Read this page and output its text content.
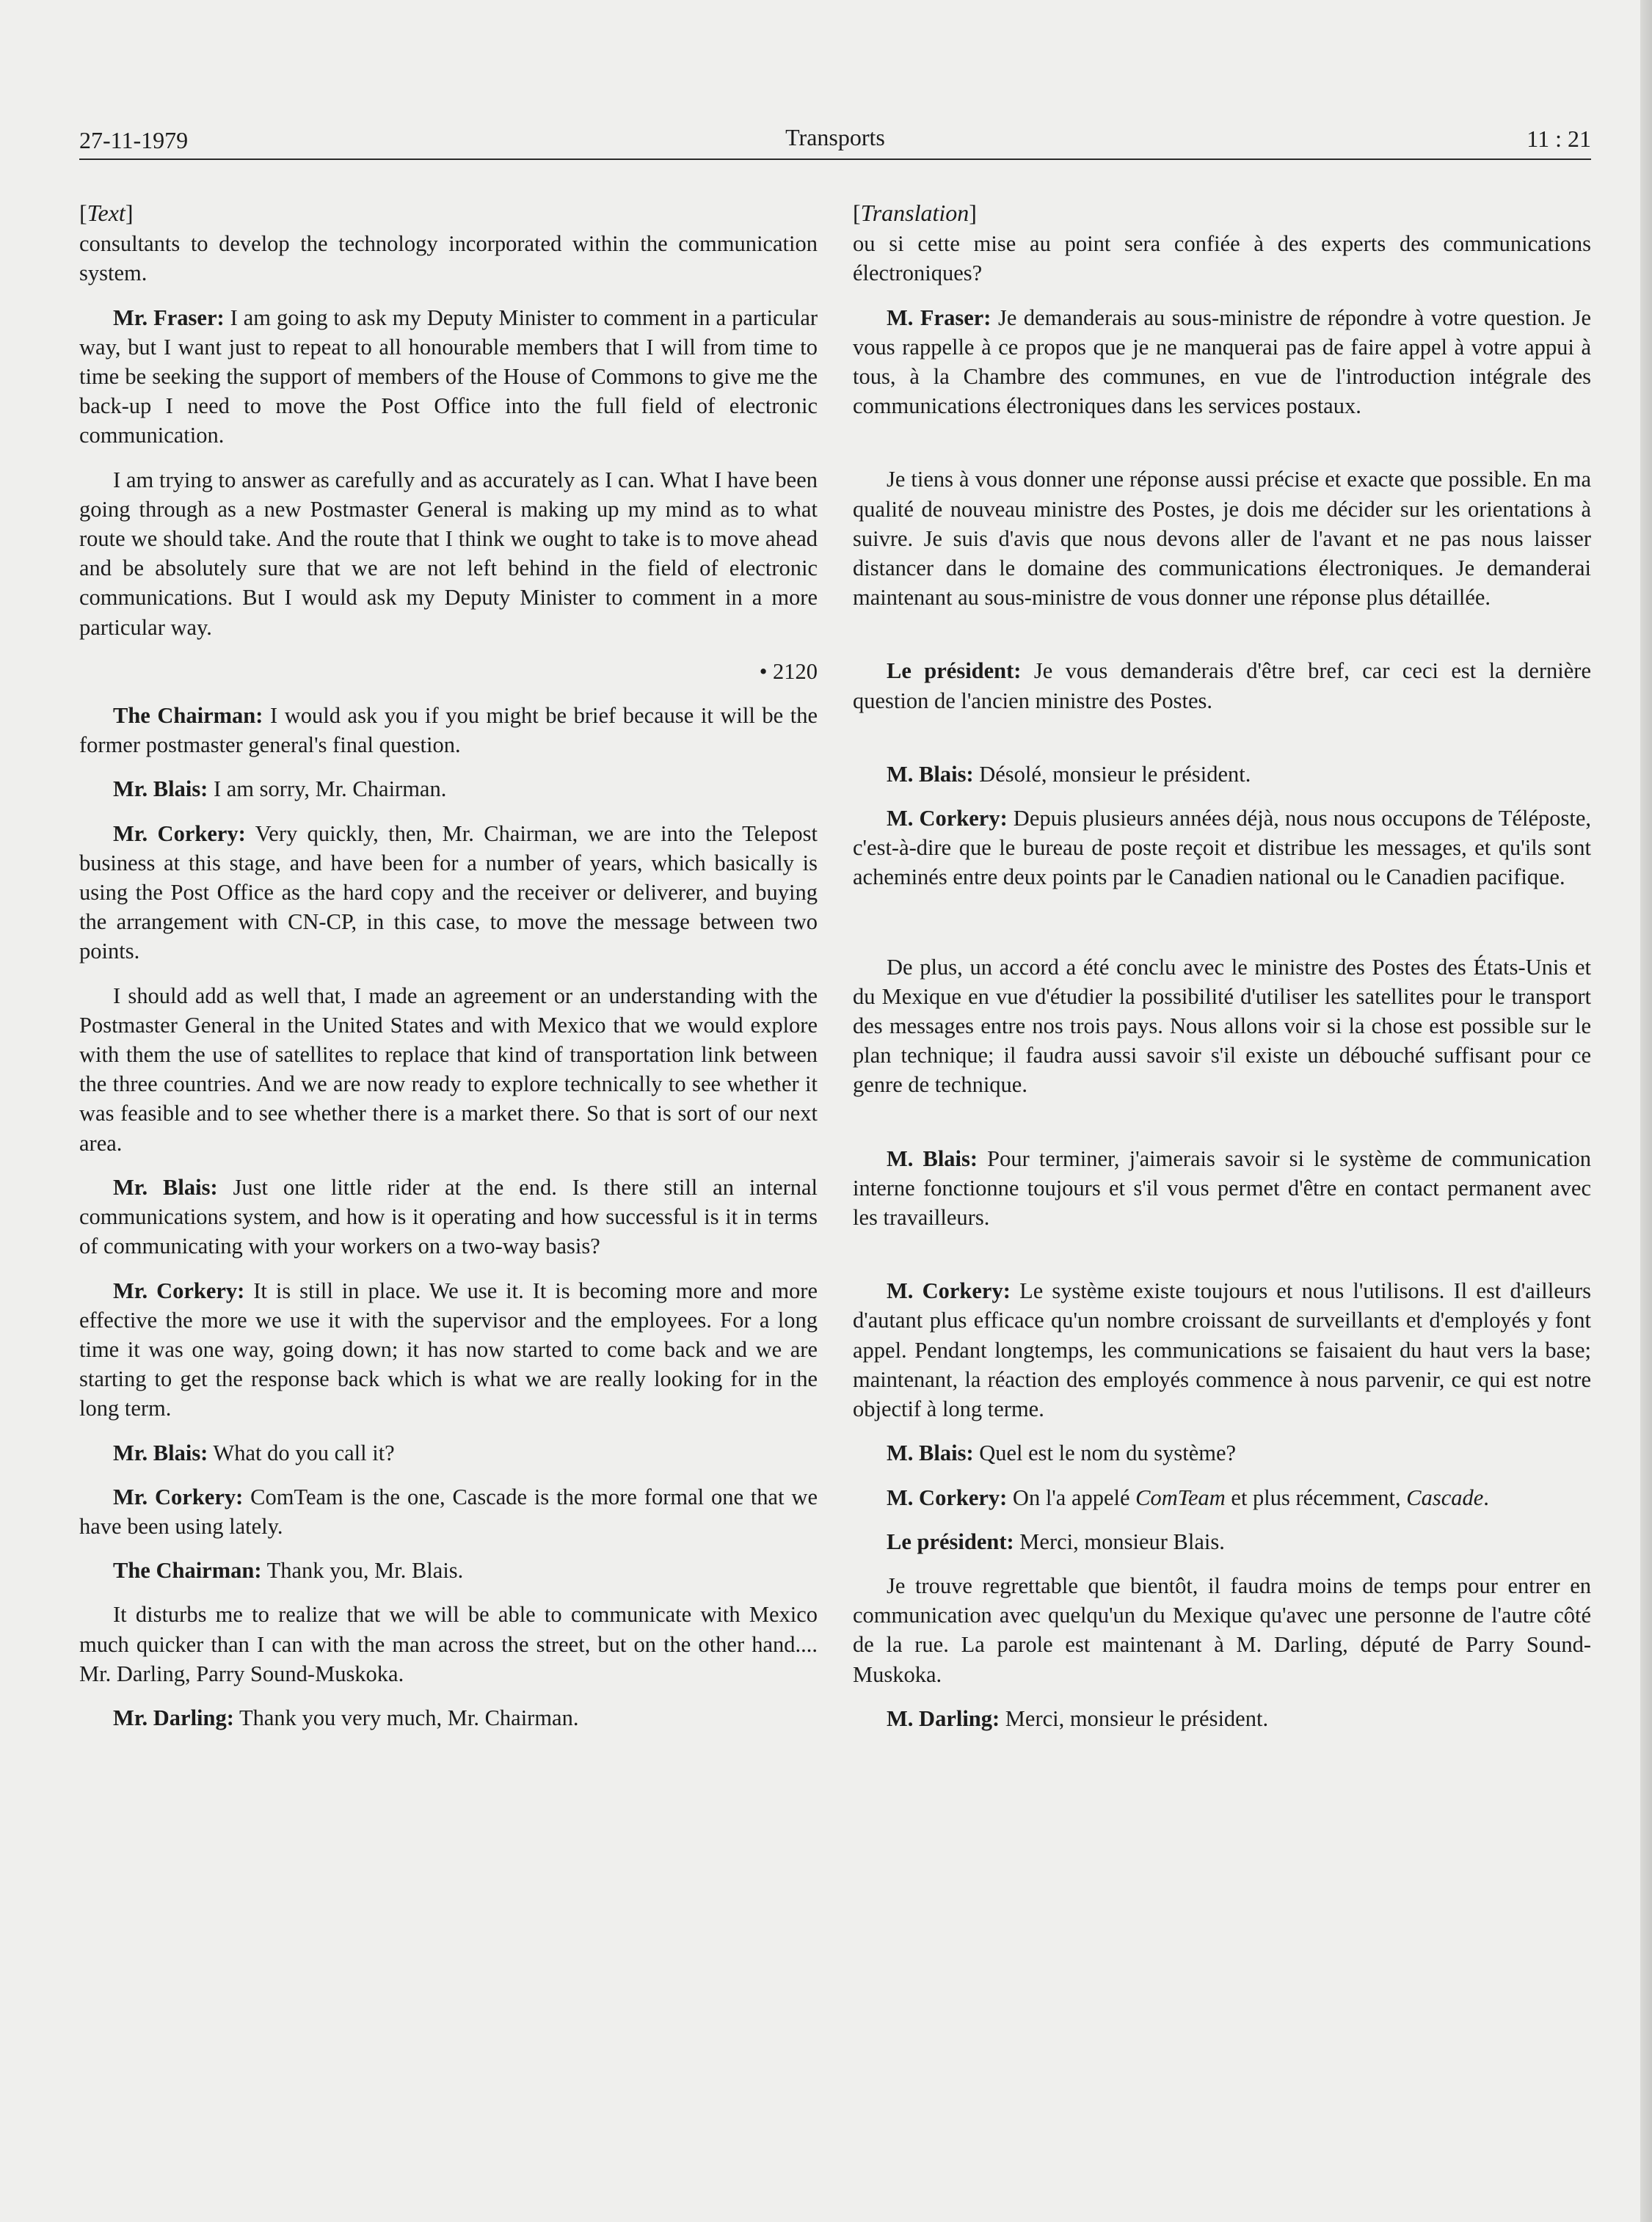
27-11-1979	Transports	11 : 21

[Text]

consultants to develop the technology incorporated within the communication system.

Mr. Fraser: I am going to ask my Deputy Minister to comment in a particular way, but I want just to repeat to all honourable members that I will from time to time be seeking the support of members of the House of Commons to give me the back-up I need to move the Post Office into the full field of electronic communication.

I am trying to answer as carefully and as accurately as I can. What I have been going through as a new Postmaster General is making up my mind as to what route we should take. And the route that I think we ought to take is to move ahead and be absolutely sure that we are not left behind in the field of electronic communications. But I would ask my Deputy Minister to comment in a more particular way.

• 2120

The Chairman: I would ask you if you might be brief because it will be the former postmaster general's final question.

Mr. Blais: I am sorry, Mr. Chairman.

Mr. Corkery: Very quickly, then, Mr. Chairman, we are into the Telepost business at this stage, and have been for a number of years, which basically is using the Post Office as the hard copy and the receiver or deliverer, and buying the arrangement with CN-CP, in this case, to move the message between two points.

I should add as well that, I made an agreement or an understanding with the Postmaster General in the United States and with Mexico that we would explore with them the use of satellites to replace that kind of transportation link between the three countries. And we are now ready to explore technically to see whether it was feasible and to see whether there is a market there. So that is sort of our next area.

Mr. Blais: Just one little rider at the end. Is there still an internal communications system, and how is it operating and how successful is it in terms of communicating with your workers on a two-way basis?

Mr. Corkery: It is still in place. We use it. It is becoming more and more effective the more we use it with the supervisor and the employees. For a long time it was one way, going down; it has now started to come back and we are starting to get the response back which is what we are really looking for in the long term.

Mr. Blais: What do you call it?

Mr. Corkery: ComTeam is the one, Cascade is the more formal one that we have been using lately.

The Chairman: Thank you, Mr. Blais.

It disturbs me to realize that we will be able to communicate with Mexico much quicker than I can with the man across the street, but on the other hand.... Mr. Darling, Parry Sound-Muskoka.

Mr. Darling: Thank you very much, Mr. Chairman.

[Translation]

ou si cette mise au point sera confiée à des experts des communications électroniques?

M. Fraser: Je demanderais au sous-ministre de répondre à votre question. Je vous rappelle à ce propos que je ne manquerai pas de faire appel à votre appui à tous, à la Chambre des communes, en vue de l'introduction intégrale des communications électroniques dans les services postaux.

Je tiens à vous donner une réponse aussi précise et exacte que possible. En ma qualité de nouveau ministre des Postes, je dois me décider sur les orientations à suivre. Je suis d'avis que nous devons aller de l'avant et ne pas nous laisser distancer dans le domaine des communications électroniques. Je demanderai maintenant au sous-ministre de vous donner une réponse plus détaillée.

Le président: Je vous demanderais d'être bref, car ceci est la dernière question de l'ancien ministre des Postes.

M. Blais: Désolé, monsieur le président.

M. Corkery: Depuis plusieurs années déjà, nous nous occupons de Téléposte, c'est-à-dire que le bureau de poste reçoit et distribue les messages, et qu'ils sont acheminés entre deux points par le Canadien national ou le Canadien pacifique.

De plus, un accord a été conclu avec le ministre des Postes des États-Unis et du Mexique en vue d'étudier la possibilité d'utiliser les satellites pour le transport des messages entre nos trois pays. Nous allons voir si la chose est possible sur le plan technique; il faudra aussi savoir s'il existe un débouché suffisant pour ce genre de technique.

M. Blais: Pour terminer, j'aimerais savoir si le système de communication interne fonctionne toujours et s'il vous permet d'être en contact permanent avec les travailleurs.

M. Corkery: Le système existe toujours et nous l'utilisons. Il est d'ailleurs d'autant plus efficace qu'un nombre croissant de surveillants et d'employés y font appel. Pendant longtemps, les communications se faisaient du haut vers la base; maintenant, la réaction des employés commence à nous parvenir, ce qui est notre objectif à long terme.

M. Blais: Quel est le nom du système?

M. Corkery: On l'a appelé ComTeam et plus récemment, Cascade.

Le président: Merci, monsieur Blais.

Je trouve regrettable que bientôt, il faudra moins de temps pour entrer en communication avec quelqu'un du Mexique qu'avec une personne de l'autre côté de la rue. La parole est maintenant à M. Darling, député de Parry Sound-Muskoka.

M. Darling: Merci, monsieur le président.
